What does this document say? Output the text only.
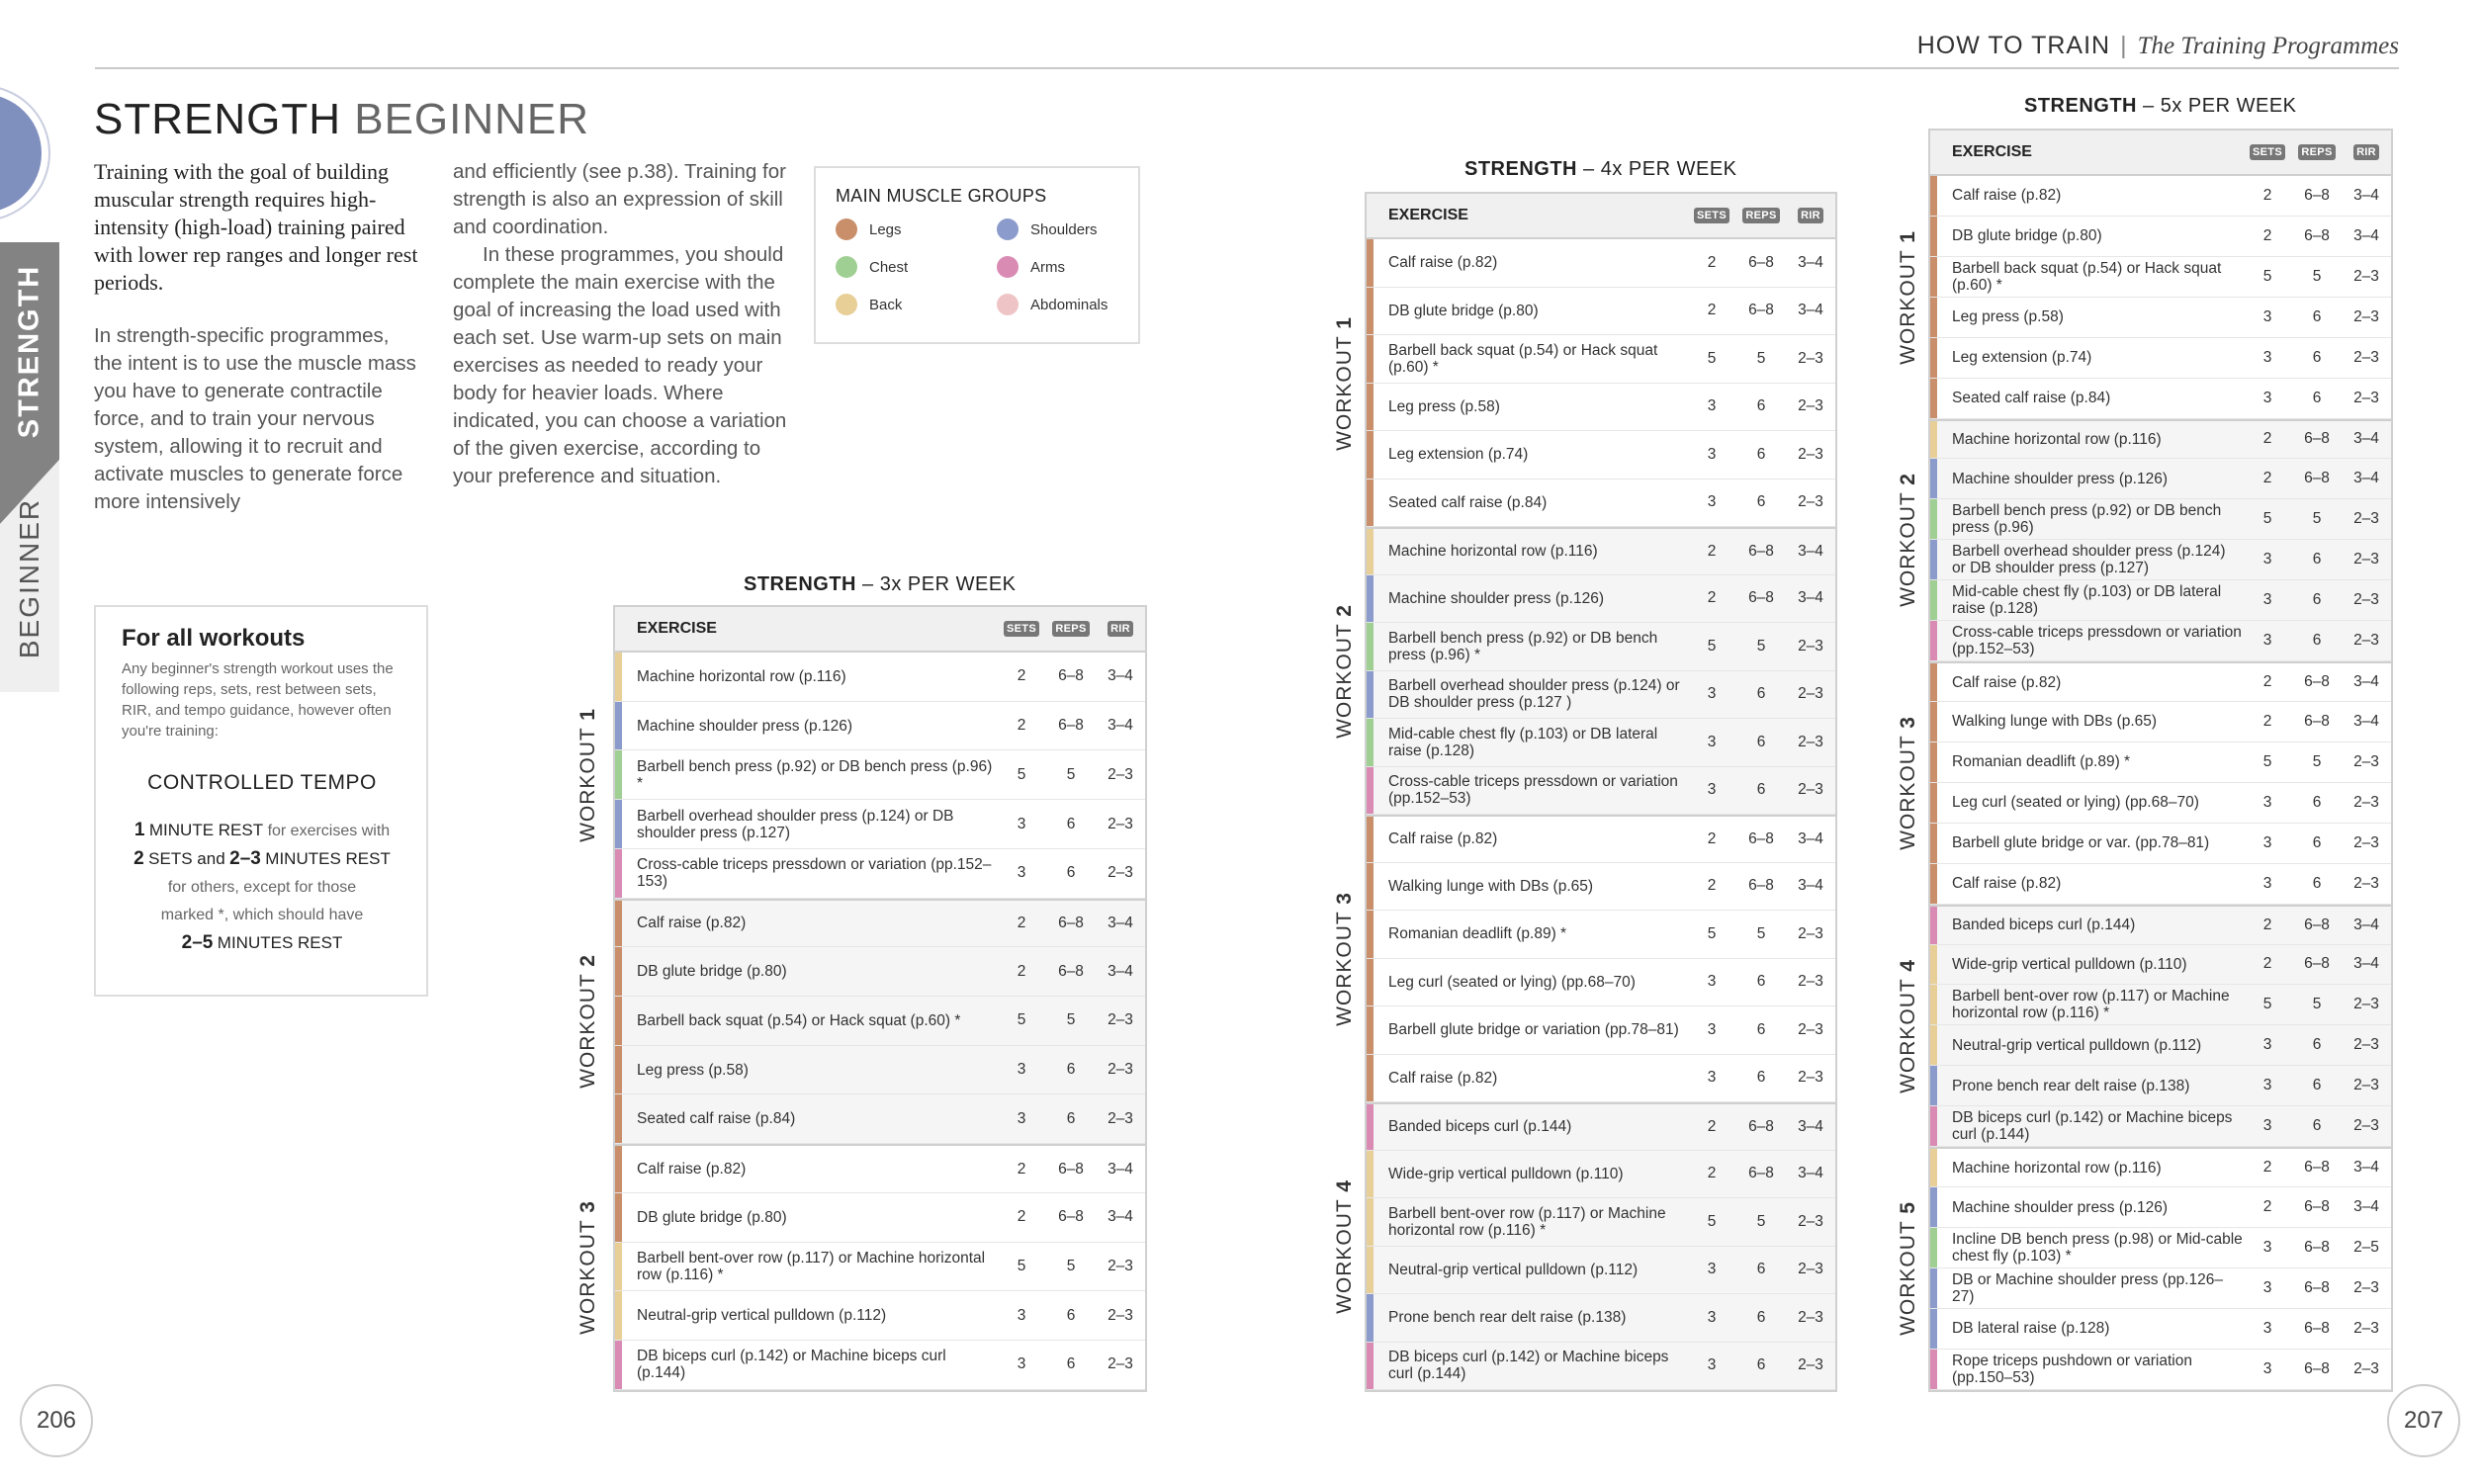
HOW TO TRAIN | The Training Programmes
STRENGTH
BEGINNER
STRENGTH BEGINNER
Training with the goal of building muscular strength requires high-intensity (high-load) training paired with lower rep ranges and longer rest periods.
In strength-specific programmes, the intent is to use the muscle mass you have to generate contractile force, and to train your nervous system, allowing it to recruit and activate muscles to generate force more intensively
and efficiently (see p.38). Training for strength is also an expression of skill and coordination.
In these programmes, you should complete the main exercise with the goal of increasing the load used with each set. Use warm-up sets on main exercises as needed to ready your body for heavier loads. Where indicated, you can choose a variation of the given exercise, according to your preference and situation.
MAIN MUSCLE GROUPS
Legs	Shoulders
Chest	Arms
Back	Abdominals
For all workouts
Any beginner's strength workout uses the following reps, sets, rest between sets, RIR, and tempo guidance, however often you're training:
CONTROLLED TEMPO
1 MINUTE REST for exercises with
2 SETS and 2–3 MINUTES REST
for others, except for those
marked *, which should have
2–5 MINUTES REST
206	207
STRENGTH – 3x PER WEEK
WORKOUT 1
WORKOUT 2
WORKOUT 3
EXERCISE	SETS REPS RIR
Machine horizontal row (p.116)	2	6–8	3–4
Machine shoulder press (p.126)	2	6–8	3–4
Barbell bench press (p.92) or DB bench press (p.96) *
5	5	2–3
Barbell overhead shoulder press (p.124) or DB shoulder press (p.127)
3	6	2–3
Cross-cable triceps pressdown or variation (pp.152–153)
3	6	2–3
Calf raise (p.82)	2	6–8	3–4
DB glute bridge (p.80)	2	6–8	3–4
Barbell back squat (p.54) or Hack squat (p.60) *	5	5	2–3
Leg press (p.58)	3	6	2–3
Seated calf raise (p.84)	3	6	2–3
Calf raise (p.82)	2	6–8	3–4
DB glute bridge (p.80)	2	6–8	3–4
Barbell bent-over row (p.117) or Machine horizontal row (p.116) *
5	5	2–3
Neutral-grip vertical pulldown (p.112)	3	6	2–3
DB biceps curl (p.142) or Machine biceps curl (p.144)
3	6	2–3
STRENGTH – 4x PER WEEK
WORKOUT 1
WORKOUT 2
WORKOUT 3
WORKOUT 4
EXERCISE	SETS REPS RIR
Calf raise (p.82)	2	6–8	3–4
DB glute bridge (p.80)	2	6–8	3–4
Barbell back squat (p.54) or Hack squat (p.60) *
5	5	2–3
Leg press (p.58)	3	6	2–3
Leg extension (p.74)	3	6	2–3
Seated calf raise (p.84)	3	6	2–3
Machine horizontal row (p.116)	2	6–8	3–4
Machine shoulder press (p.126)	2	6–8	3–4
Barbell bench press (p.92) or DB bench press (p.96) *
5	5	2–3
Barbell overhead shoulder press (p.124) or DB shoulder press (p.127 )
3	6	2–3
Mid-cable chest fly (p.103) or DB lateral raise (p.128)
3	6	2–3
Cross-cable triceps pressdown or variation (pp.152–53)
3	6	2–3
Calf raise (p.82)	2	6–8	3–4
Walking lunge with DBs (p.65)	2	6–8	3–4
Romanian deadlift (p.89) *	5	5	2–3
Leg curl (seated or lying) (pp.68–70)	3	6	2–3
Barbell glute bridge or variation (pp.78–81)	3	6	2–3
Calf raise (p.82)	3	6	2–3
Banded biceps curl (p.144)	2	6–8	3–4
Wide-grip vertical pulldown (p.110)	2	6–8	3–4
Barbell bent-over row (p.117) or Machine horizontal row (p.116) *
5	5	2–3
Neutral-grip vertical pulldown (p.112)	3	6	2–3
Prone bench rear delt raise (p.138)	3	6	2–3
DB biceps curl (p.142) or Machine biceps curl (p.144)
3	6	2–3
STRENGTH – 5x PER WEEK
WORKOUT 1
WORKOUT 2
WORKOUT 3
WORKOUT 4
WORKOUT 5
EXERCISE	SETS REPS RIR
Calf raise (p.82)	2	6–8	3–4
DB glute bridge (p.80)	2	6–8	3–4
Barbell back squat (p.54) or Hack squat (p.60) *
5	5	2–3
Leg press (p.58)	3	6	2–3
Leg extension (p.74)	3	6	2–3
Seated calf raise (p.84)	3	6	2–3
Machine horizontal row (p.116)	2	6–8	3–4
Machine shoulder press (p.126)	2	6–8	3–4
Barbell bench press (p.92) or DB bench press (p.96)
5	5	2–3
Barbell overhead shoulder press (p.124) or DB shoulder press (p.127)
3	6	2–3
Mid-cable chest fly (p.103) or DB lateral raise (p.128)
3	6	2–3
Cross-cable triceps pressdown or variation (pp.152–53)
3	6	2–3
Calf raise (p.82)	2	6–8	3–4
Walking lunge with DBs (p.65)	2	6–8	3–4
Romanian deadlift (p.89) *	5	5	2–3
Leg curl (seated or lying) (pp.68–70)	3	6	2–3
Barbell glute bridge or var. (pp.78–81)	3	6	2–3
Calf raise (p.82)	3	6	2–3
Banded biceps curl (p.144)	2	6–8	3–4
Wide-grip vertical pulldown (p.110)	2	6–8	3–4
Barbell bent-over row (p.117) or Machine horizontal row (p.116) *
5	5	2–3
Neutral-grip vertical pulldown (p.112)	3	6	2–3
Prone bench rear delt raise (p.138)	3	6	2–3
DB biceps curl (p.142) or Machine biceps curl (p.144)
3	6	2–3
Machine horizontal row (p.116)	2	6–8	3–4
Machine shoulder press (p.126)	2	6–8	3–4
Incline DB bench press (p.98) or Mid-cable chest fly (p.103) *
3	6–8	2–5
DB or Machine shoulder press (pp.126–27)
3	6–8	2–3
DB lateral raise (p.128)	3	6–8	2–3
Rope triceps pushdown or variation (pp.150–53)
3	6–8	2–3
